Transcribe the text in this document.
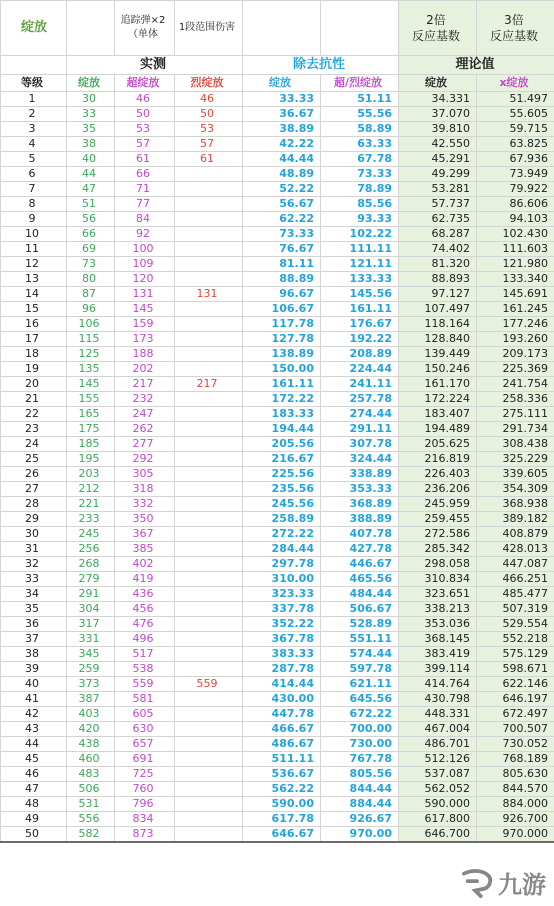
绽放		追踪弹×2（单体	1段范围伤害			2倍
反应基数	3倍
反应基数
	实测			除去抗性		理论值	
等级	绽放	超绽放	烈绽放	绽放	超/烈绽放	绽放	x绽放
1	30	46	46	33.33	51.11	34.331	51.497
2	33	50	50	36.67	55.56	37.070	55.605
3	35	53	53	38.89	58.89	39.810	59.715
4	38	57	57	42.22	63.33	42.550	63.825
5	40	61	61	44.44	67.78	45.291	67.936
6	44	66		48.89	73.33	49.299	73.949
7	47	71		52.22	78.89	53.281	79.922
8	51	77		56.67	85.56	57.737	86.606
9	56	84		62.22	93.33	62.735	94.103
10	66	92		73.33	102.22	68.287	102.430
11	69	100		76.67	111.11	74.402	111.603
12	73	109		81.11	121.11	81.320	121.980
13	80	120		88.89	133.33	88.893	133.340
14	87	131	131	96.67	145.56	97.127	145.691
15	96	145		106.67	161.11	107.497	161.245
16	106	159		117.78	176.67	118.164	177.246
17	115	173		127.78	192.22	128.840	193.260
18	125	188		138.89	208.89	139.449	209.173
19	135	202		150.00	224.44	150.246	225.369
20	145	217	217	161.11	241.11	161.170	241.754
21	155	232		172.22	257.78	172.224	258.336
22	165	247		183.33	274.44	183.407	275.111
23	175	262		194.44	291.11	194.489	291.734
24	185	277		205.56	307.78	205.625	308.438
25	195	292		216.67	324.44	216.819	325.229
26	203	305		225.56	338.89	226.403	339.605
27	212	318		235.56	353.33	236.206	354.309
28	221	332		245.56	368.89	245.959	368.938
29	233	350		258.89	388.89	259.455	389.182
30	245	367		272.22	407.78	272.586	408.879
31	256	385		284.44	427.78	285.342	428.013
32	268	402		297.78	446.67	298.058	447.087
33	279	419		310.00	465.56	310.834	466.251
34	291	436		323.33	484.44	323.651	485.477
35	304	456		337.78	506.67	338.213	507.319
36	317	476		352.22	528.89	353.036	529.554
37	331	496		367.78	551.11	368.145	552.218
38	345	517		383.33	574.44	383.419	575.129
39	259	538		287.78	597.78	399.114	598.671
40	373	559	559	414.44	621.11	414.764	622.146
41	387	581		430.00	645.56	430.798	646.197
42	403	605		447.78	672.22	448.331	672.497
43	420	630		466.67	700.00	467.004	700.507
44	438	657		486.67	730.00	486.701	730.052
45	460	691		511.11	767.78	512.126	768.189
46	483	725		536.67	805.56	537.087	805.630
47	506	760		562.22	844.44	562.052	844.570
48	531	796		590.00	884.44	590.000	884.000
49	556	834		617.78	926.67	617.800	926.700
50	582	873		646.67	970.00	646.700	970.000
九游
